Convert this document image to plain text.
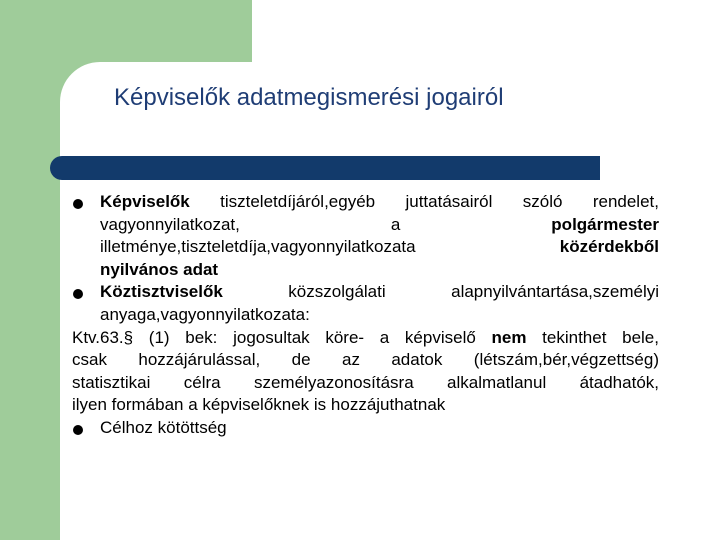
Képviselők adatmegismerési jogairól
Képviselők tiszteletdíjáról,egyéb juttatásairól szóló rendelet,
vagyonnyilatkozat, a polgármester
illetménye,tiszteletdíja,vagyonnyilatkozata közérdekből
nyilvános adat
Köztisztviselők közszolgálati alapnyilvántartása,személyi
anyaga,vagyonnyilatkozata:
Ktv.63.§ (1) bek: jogosultak köre- a képviselő nem tekinthet bele,
csak hozzájárulással, de az adatok (létszám,bér,végzettség)
statisztikai célra személyazonosításra alkalmatlanul átadhatók,
ilyen formában a képviselőknek is hozzájuthatnak
Célhoz kötöttség
